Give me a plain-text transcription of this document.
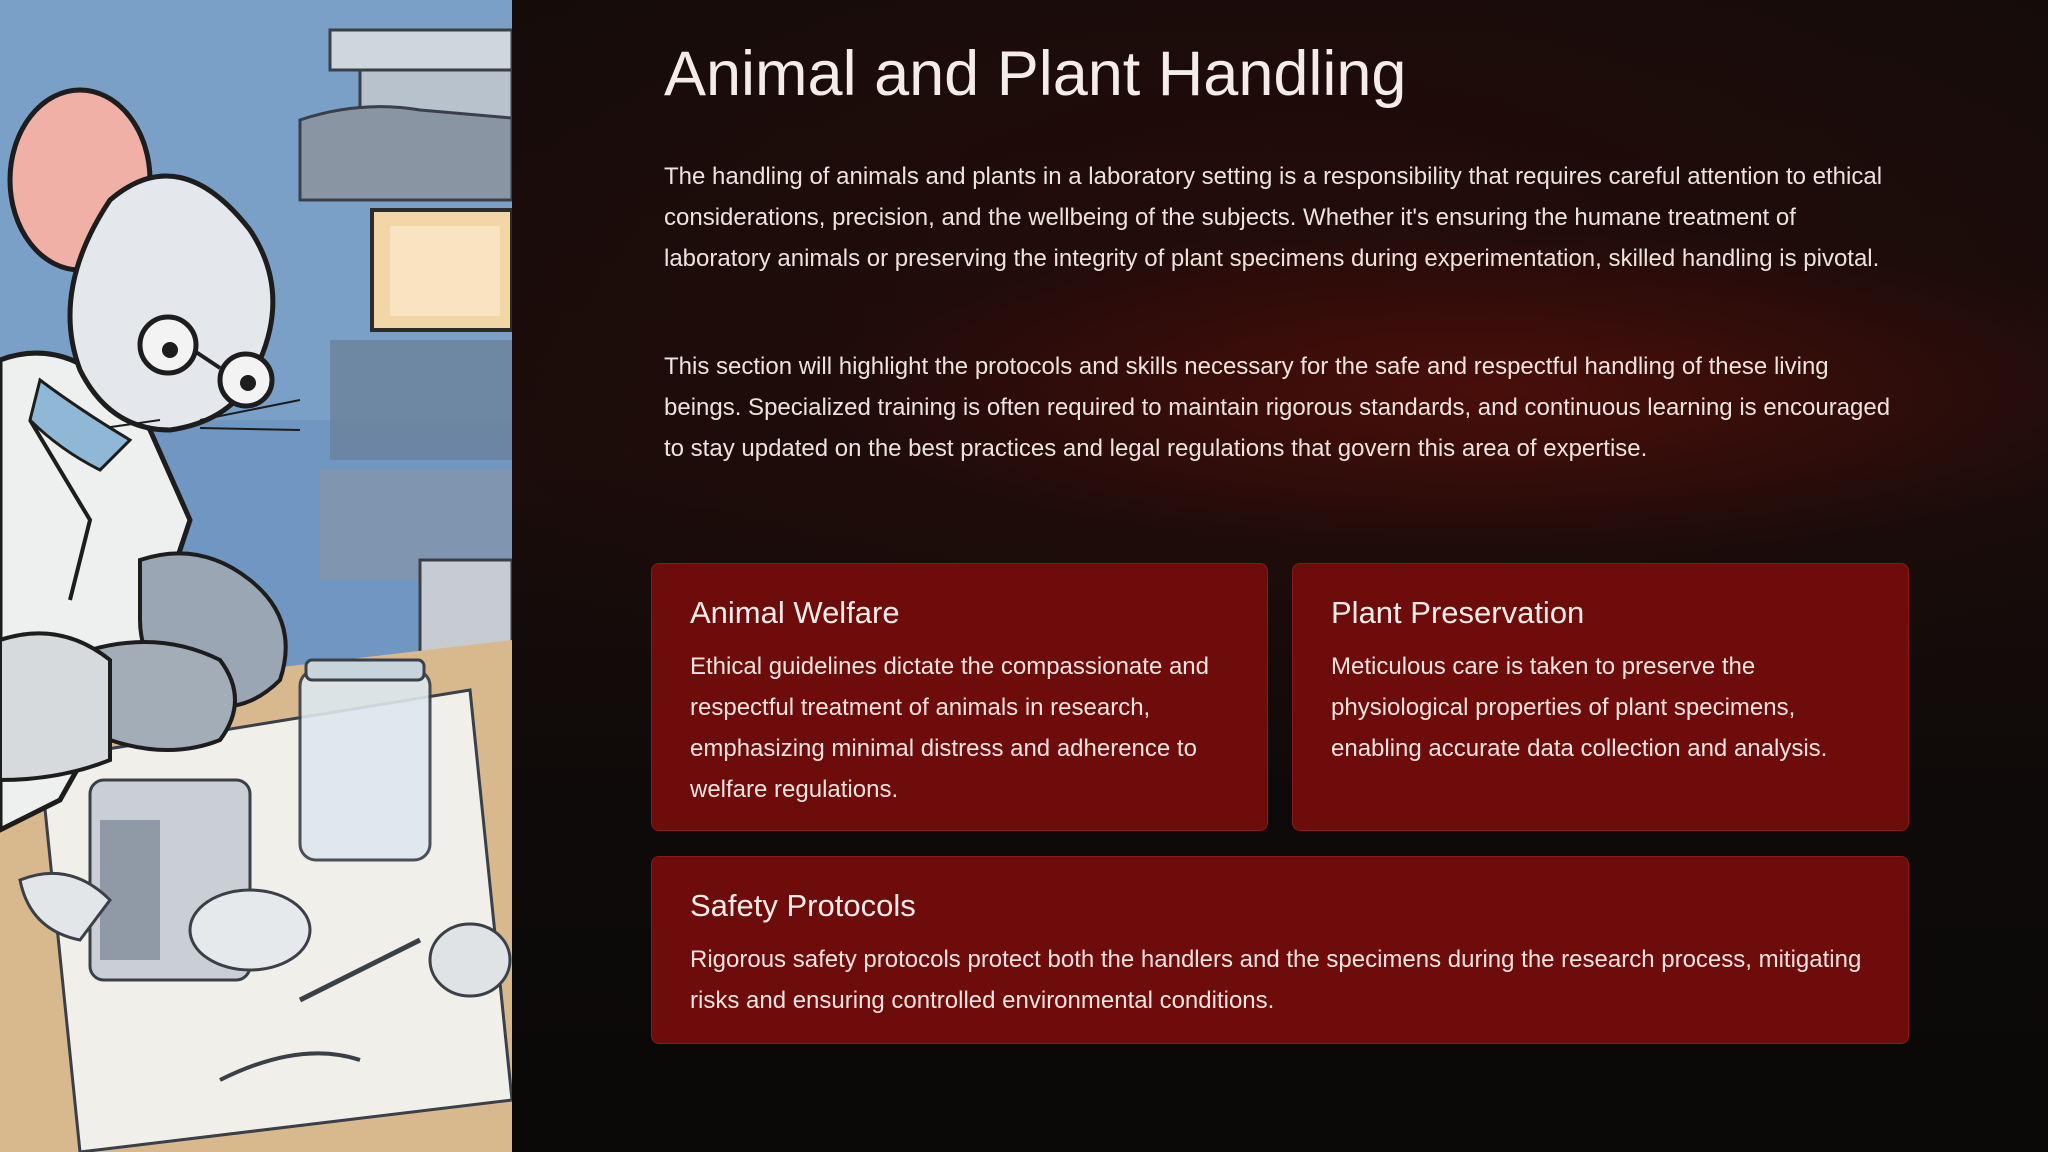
Animal and Plant Handling

The handling of animals and plants in a laboratory setting is a responsibility that requires careful attention to ethical considerations, precision, and the wellbeing of the subjects. Whether it's ensuring the humane treatment of laboratory animals or preserving the integrity of plant specimens during experimentation, skilled handling is pivotal.

This section will highlight the protocols and skills necessary for the safe and respectful handling of these living beings. Specialized training is often required to maintain rigorous standards, and continuous learning is encouraged to stay updated on the best practices and legal regulations that govern this area of expertise.

Animal Welfare

Ethical guidelines dictate the compassionate and respectful treatment of animals in research, emphasizing minimal distress and adherence to welfare regulations.

Plant Preservation

Meticulous care is taken to preserve the physiological properties of plant specimens, enabling accurate data collection and analysis.

Safety Protocols

Rigorous safety protocols protect both the handlers and the specimens during the research process, mitigating risks and ensuring controlled environmental conditions.
